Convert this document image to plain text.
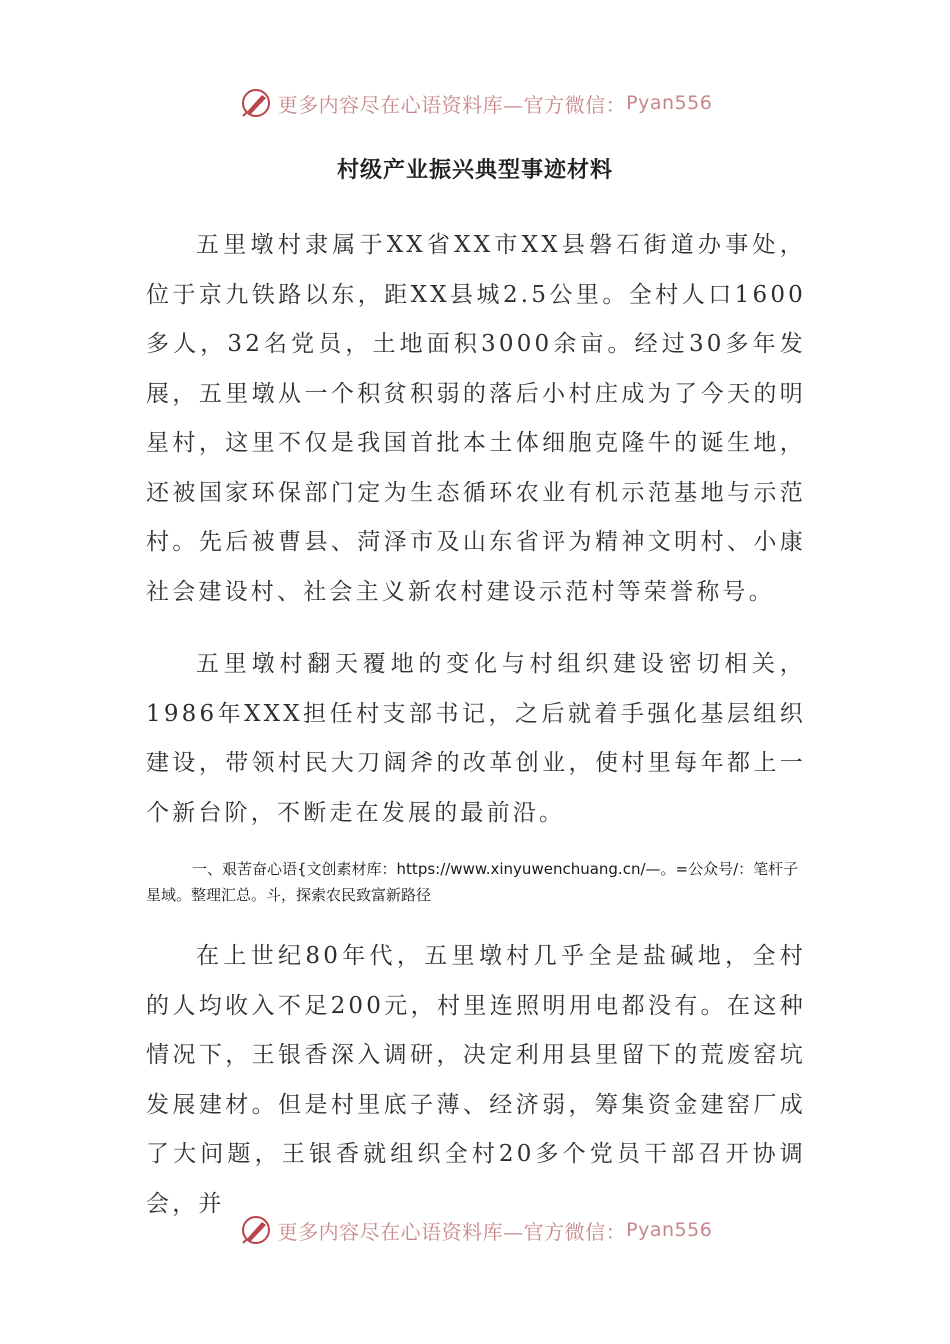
更多内容尽在心语资料库—官方微信： Pyan556
村级产业振兴典型事迹材料

五里墩村隶属于XX省XX市XX县磐石街道办事处，位于京九铁路以东，距XX县城2.5公里。全村人口1600多人，32名党员，土地面积3000余亩。经过30多年发展，五里墩从一个积贫积弱的落后小村庄成为了今天的明星村，这里不仅是我国首批本土体细胞克隆牛的诞生地，还被国家环保部门定为生态循环农业有机示范基地与示范村。先后被曹县、菏泽市及山东省评为精神文明村、小康社会建设村、社会主义新农村建设示范村等荣誉称号。

五里墩村翻天覆地的变化与村组织建设密切相关，1986年XXX担任村支部书记，之后就着手强化基层组织建设，带领村民大刀阔斧的改革创业，使村里每年都上一个新台阶，不断走在发展的最前沿。

一、艰苦奋心语{文创素材库：https://www.xinyuwenchuang.cn/—。=公众号/：笔杆子星域。整理汇总。斗，探索农民致富新路径

在上世纪80年代，五里墩村几乎全是盐碱地，全村的人均收入不足200元，村里连照明用电都没有。在这种情况下，王银香深入调研，决定利用县里留下的荒废窑坑发展建材。但是村里底子薄、经济弱，筹集资金建窑厂成了大问题，王银香就组织全村20多个党员干部召开协调会，并

更多内容尽在心语资料库—官方微信： Pyan556
